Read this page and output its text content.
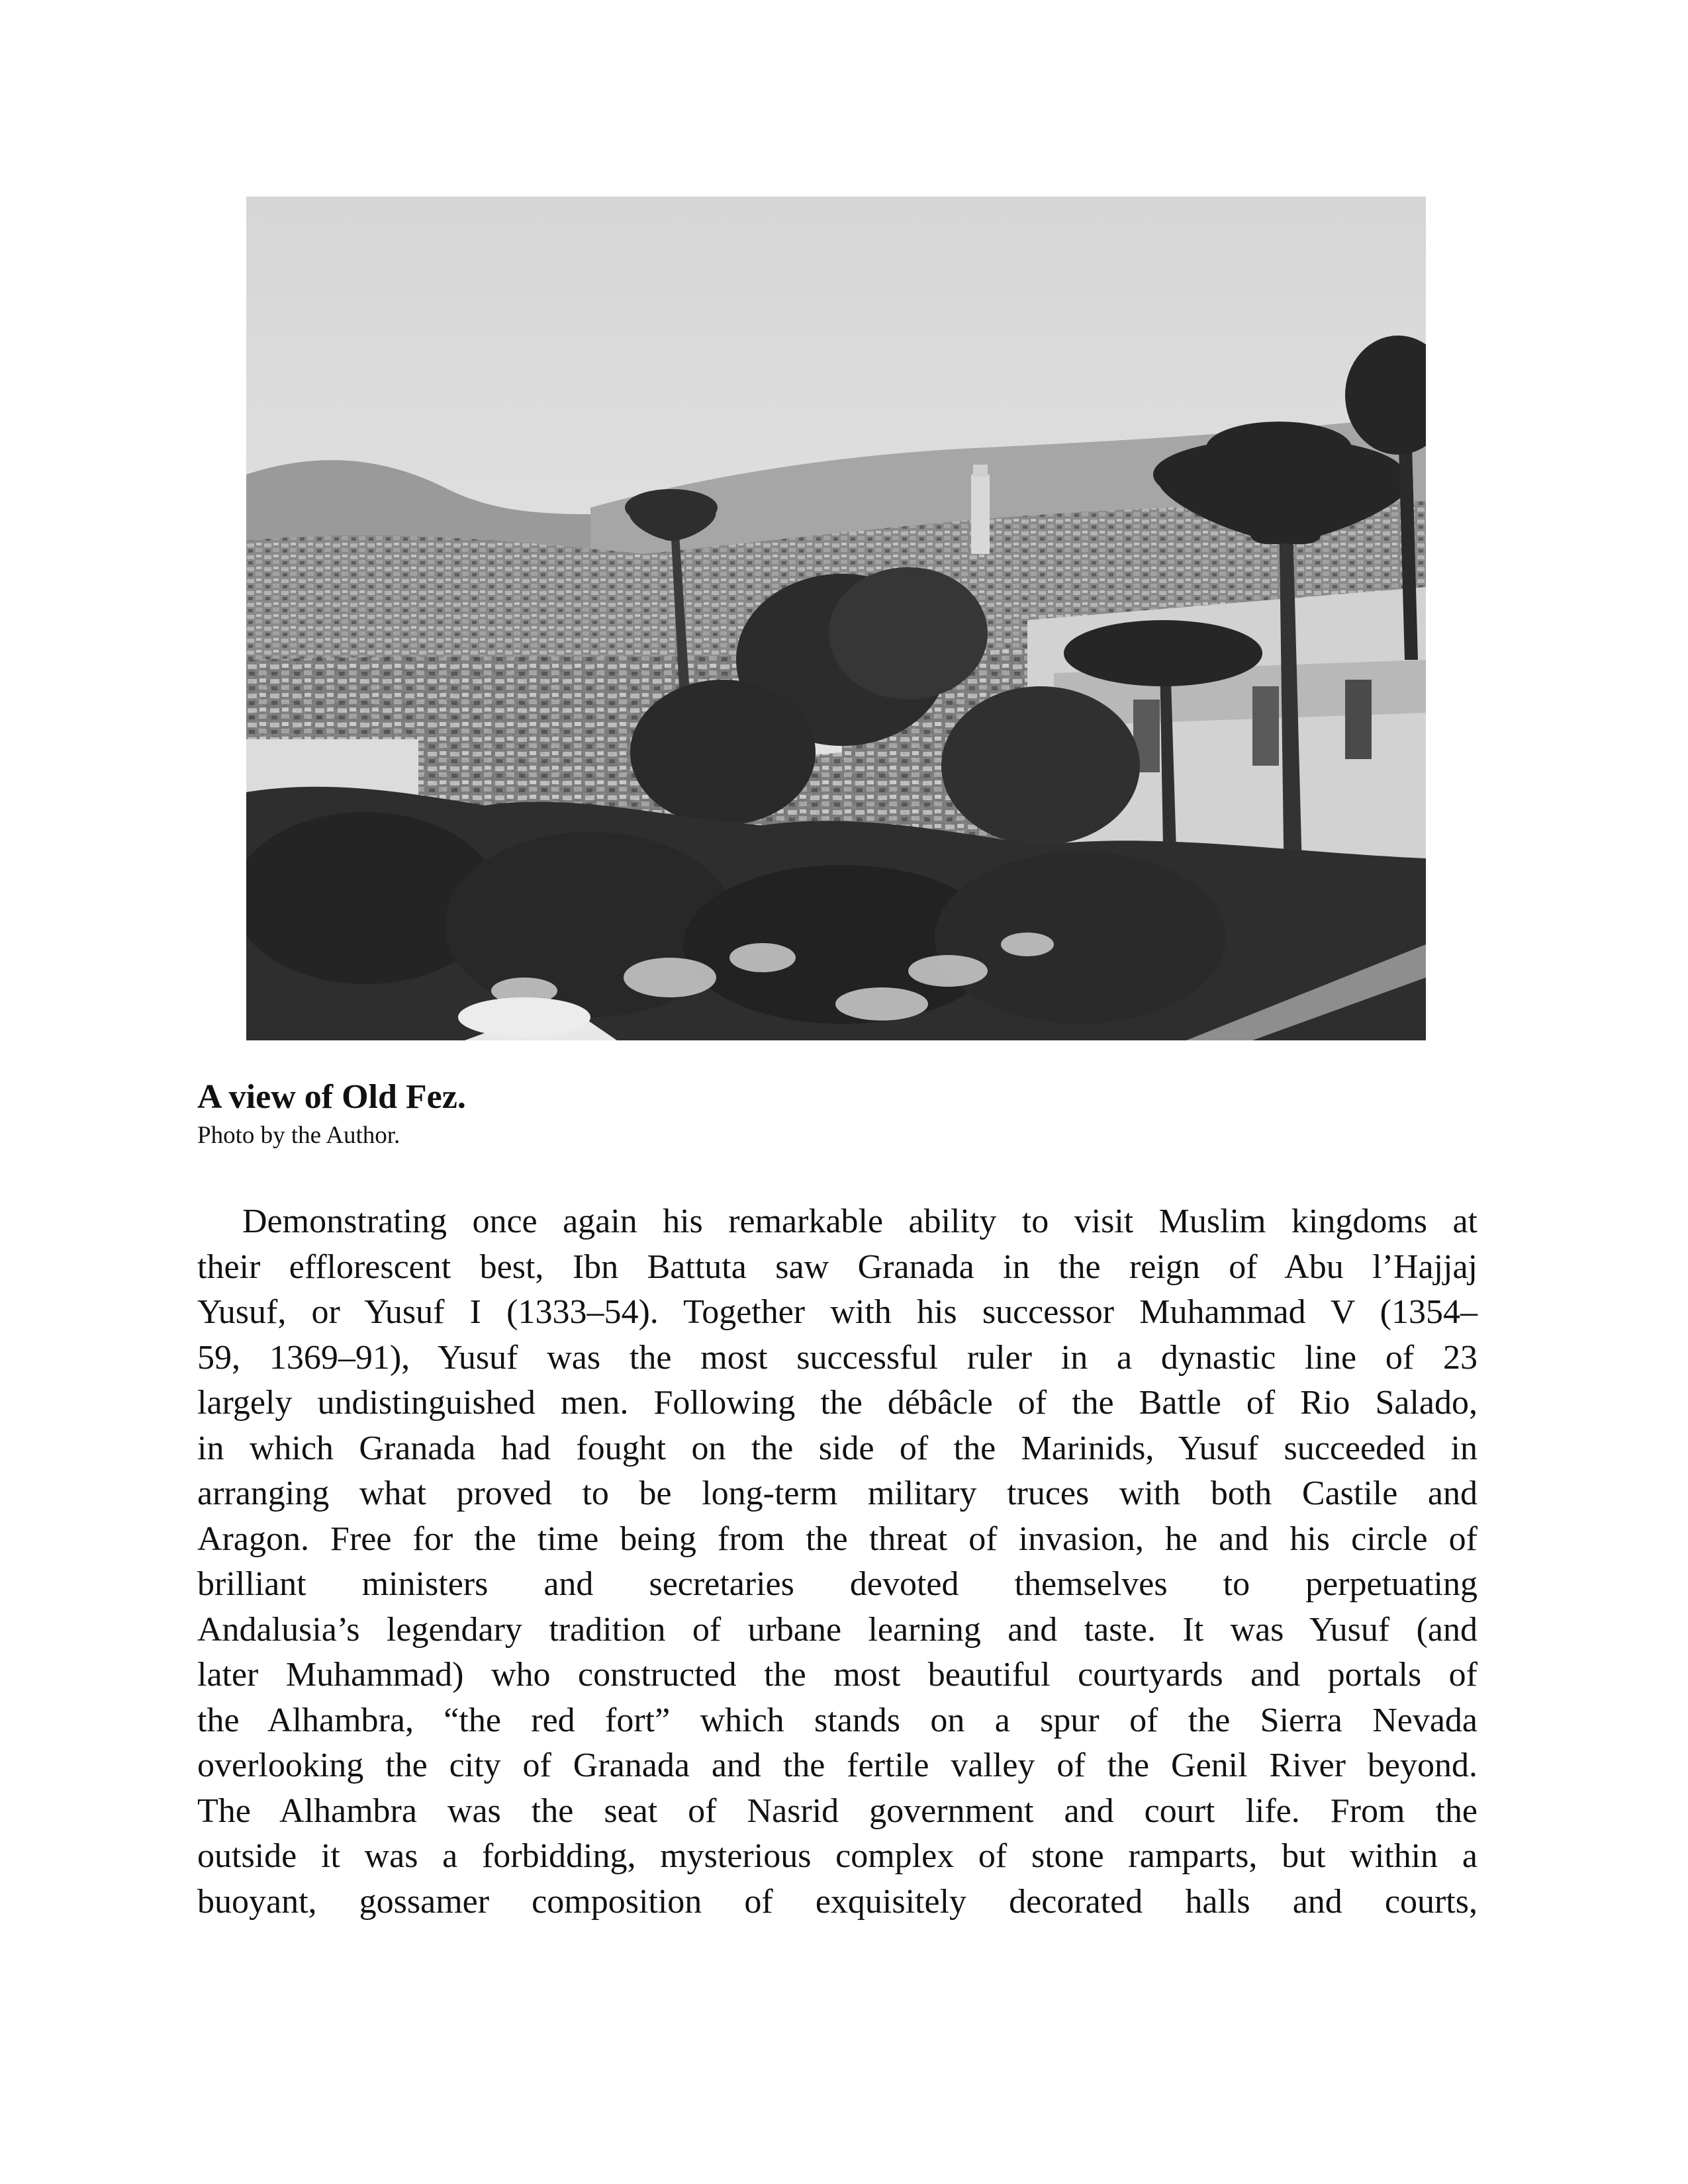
A view of Old Fez.
Photo by the Author.
Demonstrating once again his remarkable ability to visit Muslim kingdoms at
their efflorescent best, Ibn Battuta saw Granada in the reign of Abu l’Hajjaj
Yusuf, or Yusuf I (1333–54). Together with his successor Muhammad V (1354–
59, 1369–91), Yusuf was the most successful ruler in a dynastic line of 23
largely undistinguished men. Following the débâcle of the Battle of Rio Salado,
in which Granada had fought on the side of the Marinids, Yusuf succeeded in
arranging what proved to be long-term military truces with both Castile and
Aragon. Free for the time being from the threat of invasion, he and his circle of
brilliant ministers and secretaries devoted themselves to perpetuating
Andalusia’s legendary tradition of urbane learning and taste. It was Yusuf (and
later Muhammad) who constructed the most beautiful courtyards and portals of
the Alhambra, “the red fort” which stands on a spur of the Sierra Nevada
overlooking the city of Granada and the fertile valley of the Genil River beyond.
The Alhambra was the seat of Nasrid government and court life. From the
outside it was a forbidding, mysterious complex of stone ramparts, but within a
buoyant, gossamer composition of exquisitely decorated halls and courts,
